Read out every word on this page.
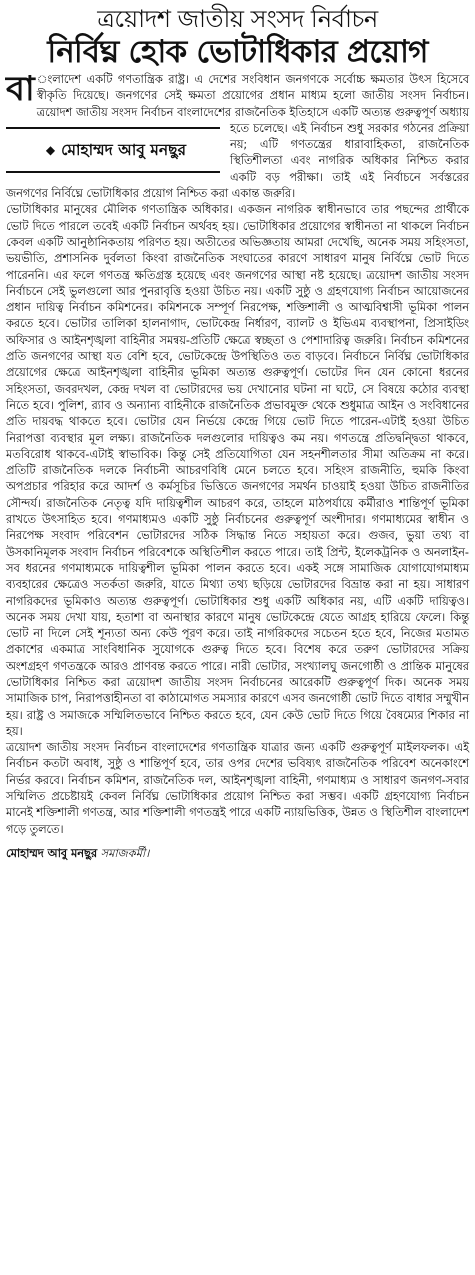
ত্রয়োদশ জাতীয় সংসদ নির্বাচন
নির্বিঘ্ন হোক ভোটাধিকার প্রয়োগ

বা ংলাদেশ একটি গণতান্ত্রিক রাষ্ট্র। এ দেশের সংবিধান জনগণকে সর্বোচ্চ ক্ষমতার উৎস হিসেবে স্বীকৃতি দিয়েছে। জনগণের সেই ক্ষমতা প্রয়োগের প্রধান মাধ্যম হলো জাতীয় সংসদ নির্বাচন। ত্রয়োদশ জাতীয় সংসদ নির্বাচন বাংলাদেশের রাজনৈতিক
◆ মোহাম্মদ আবু মনছুর
ইতিহাসে একটি অত্যন্ত গুরুত্বপূর্ণ অধ্যায় হতে চলেছে। এই নির্বাচন শুধু সরকার গঠনের প্রক্রিয়া নয়; এটি গণতন্ত্রের ধারাবাহিকতা, রাজনৈতিক স্থিতিশীলতা এবং নাগরিক অধিকার নিশ্চিত করার একটি বড় পরীক্ষা। তাই এই নির্বাচনে সর্বস্তরের জনগণের নির্বিঘ্নে ভোটাধিকার প্রয়োগ নিশ্চিত করা একান্ত জরুরি।

ভোটাধিকার মানুষের মৌলিক গণতান্ত্রিক অধিকার। একজন নাগরিক স্বাধীনভাবে তার পছন্দের প্রার্থীকে ভোট দিতে পারলে তবেই একটি নির্বাচন অর্থবহ হয়। ভোটাধিকার প্রয়োগের স্বাধীনতা না থাকলে নির্বাচন কেবল একটি আনুষ্ঠানিকতায় পরিণত হয়। অতীতের অভিজ্ঞতায় আমরা দেখেছি, অনেক সময় সহিংসতা, ভয়ভীতি, প্রশাসনিক দুর্বলতা কিংবা রাজনৈতিক সংঘাতের কারণে সাধারণ মানুষ নির্বিঘ্নে ভোট দিতে পারেননি। এর ফলে গণতন্ত্র ক্ষতিগ্রস্ত হয়েছে এবং জনগণের আস্থা নষ্ট হয়েছে। ত্রয়োদশ জাতীয় সংসদ নির্বাচনে সেই ভুলগুলো আর পুনরাবৃত্তি হওয়া উচিত নয়। একটি সুষ্ঠু ও গ্রহণযোগ্য নির্বাচন আয়োজনের প্রধান দায়িত্ব নির্বাচন কমিশনের। কমিশনকে সম্পূর্ণ নিরপেক্ষ, শক্তিশালী ও আত্মবিশ্বাসী ভূমিকা পালন করতে হবে। ভোটার তালিকা হালনাগাদ, ভোটকেন্দ্র নির্ধারণ, ব্যালট ও ইভিএম ব্যবস্থাপনা, প্রিসাইডিং অফিসার ও আইনশৃঙ্খলা বাহিনীর সমন্বয়-প্রতিটি ক্ষেত্রে স্বচ্ছতা ও পেশাদারিত্ব জরুরি। নির্বাচন কমিশনের প্রতি জনগণের আস্থা যত বেশি হবে, ভোটকেন্দ্রে উপস্থিতিও তত বাড়বে। নির্বাচনে নির্বিঘ্ন ভোটাধিকার প্রয়োগের ক্ষেত্রে আইনশৃঙ্খলা বাহিনীর ভূমিকা অত্যন্ত গুরুত্বপূর্ণ। ভোটের দিন যেন কোনো ধরনের সহিংসতা, জবরদখল, কেন্দ্র দখল বা ভোটারদের ভয় দেখানোর ঘটনা না ঘটে, সে বিষয়ে কঠোর ব্যবস্থা নিতে হবে। পুলিশ, র‍্যাব ও অন্যান্য বাহিনীকে রাজনৈতিক প্রভাবমুক্ত থেকে শুধুমাত্র আইন ও সংবিধানের প্রতি দায়বদ্ধ থাকতে হবে। ভোটার যেন নির্ভয়ে কেন্দ্রে গিয়ে ভোট দিতে পারেন-এটাই হওয়া উচিত নিরাপত্তা ব্যবস্থার মূল লক্ষ্য। রাজনৈতিক দলগুলোর দায়িত্বও কম নয়। গণতন্ত্রে প্রতিদ্বন্দ্বিতা থাকবে, মতবিরোধ থাকবে-এটাই স্বাভাবিক। কিন্তু সেই প্রতিযোগিতা যেন সহনশীলতার সীমা অতিক্রম না করে। প্রতিটি রাজনৈতিক দলকে নির্বাচনী আচরণবিধি মেনে চলতে হবে। সহিংস রাজনীতি, হুমকি কিংবা অপপ্রচার পরিহার করে আদর্শ ও কর্মসূচির ভিত্তিতে জনগণের সমর্থন চাওয়াই হওয়া উচিত রাজনীতির সৌন্দর্য। রাজনৈতিক নেতৃত্ব যদি দায়িত্বশীল আচরণ করে, তাহলে মাঠপর্যায়ে কর্মীরাও শান্তিপূর্ণ ভূমিকা রাখতে উৎসাহিত হবে। গণমাধ্যমও একটি সুষ্ঠু নির্বাচনের গুরুত্বপূর্ণ অংশীদার। গণমাধ্যমের স্বাধীন ও নিরপেক্ষ সংবাদ পরিবেশন ভোটারদের সঠিক সিদ্ধান্ত নিতে সহায়তা করে। গুজব, ভুয়া তথ্য বা উসকানিমূলক সংবাদ নির্বাচন পরিবেশকে অস্থিতিশীল করতে পারে। তাই প্রিন্ট, ইলেকট্রনিক ও অনলাইন-সব ধরনের গণমাধ্যমকে দায়িত্বশীল ভূমিকা পালন করতে হবে। একই সঙ্গে সামাজিক যোগাযোগমাধ্যম ব্যবহারের ক্ষেত্রেও সতর্কতা জরুরি, যাতে মিথ্যা তথ্য ছড়িয়ে ভোটারদের বিভ্রান্ত করা না হয়। সাধারণ নাগরিকদের ভূমিকাও অত্যন্ত গুরুত্বপূর্ণ। ভোটাধিকার শুধু একটি অধিকার নয়, এটি একটি দায়িত্বও। অনেক সময় দেখা যায়, হতাশা বা অনাস্থার কারণে মানুষ ভোটকেন্দ্রে যেতে আগ্রহ হারিয়ে ফেলে। কিন্তু ভোট না দিলে সেই শূন্যতা অন্য কেউ পূরণ করে। তাই নাগরিকদের সচেতন হতে হবে, নিজের মতামত প্রকাশের একমাত্র সাংবিধানিক সুযোগকে গুরুত্ব দিতে হবে। বিশেষ করে তরুণ ভোটারদের সক্রিয় অংশগ্রহণ গণতন্ত্রকে আরও প্রাণবন্ত করতে পারে। নারী ভোটার, সংখ্যালঘু জনগোষ্ঠী ও প্রান্তিক মানুষের ভোটাধিকার নিশ্চিত করা ত্রয়োদশ জাতীয় সংসদ নির্বাচনের আরেকটি গুরুত্বপূর্ণ দিক। অনেক সময় সামাজিক চাপ, নিরাপত্তাহীনতা বা কাঠামোগত সমস্যার কারণে এসব জনগোষ্ঠী ভোট দিতে বাধার সম্মুখীন হয়। রাষ্ট্র ও সমাজকে সম্মিলিতভাবে নিশ্চিত করতে হবে, যেন কেউ ভোট দিতে গিয়ে বৈষম্যের শিকার না হয়।

ত্রয়োদশ জাতীয় সংসদ নির্বাচন বাংলাদেশের গণতান্ত্রিক যাত্রার জন্য একটি গুরুত্বপূর্ণ মাইলফলক। এই নির্বাচন কতটা অবাধ, সুষ্ঠু ও শান্তিপূর্ণ হবে, তার ওপর দেশের ভবিষ্যৎ রাজনৈতিক পরিবেশ অনেকাংশে নির্ভর করবে। নির্বাচন কমিশন, রাজনৈতিক দল, আইনশৃঙ্খলা বাহিনী, গণমাধ্যম ও সাধারণ জনগণ-সবার সম্মিলিত প্রচেষ্টায়ই কেবল নির্বিঘ্ন ভোটাধিকার প্রয়োগ নিশ্চিত করা সম্ভব। একটি গ্রহণযোগ্য নির্বাচন মানেই শক্তিশালী গণতন্ত্র, আর শক্তিশালী গণতন্ত্রই পারে একটি ন্যায়ভিত্তিক, উন্নত ও স্থিতিশীল বাংলাদেশ গড়ে তুলতে।

মোহাম্মদ আবু মনছুর সমাজকর্মী।
